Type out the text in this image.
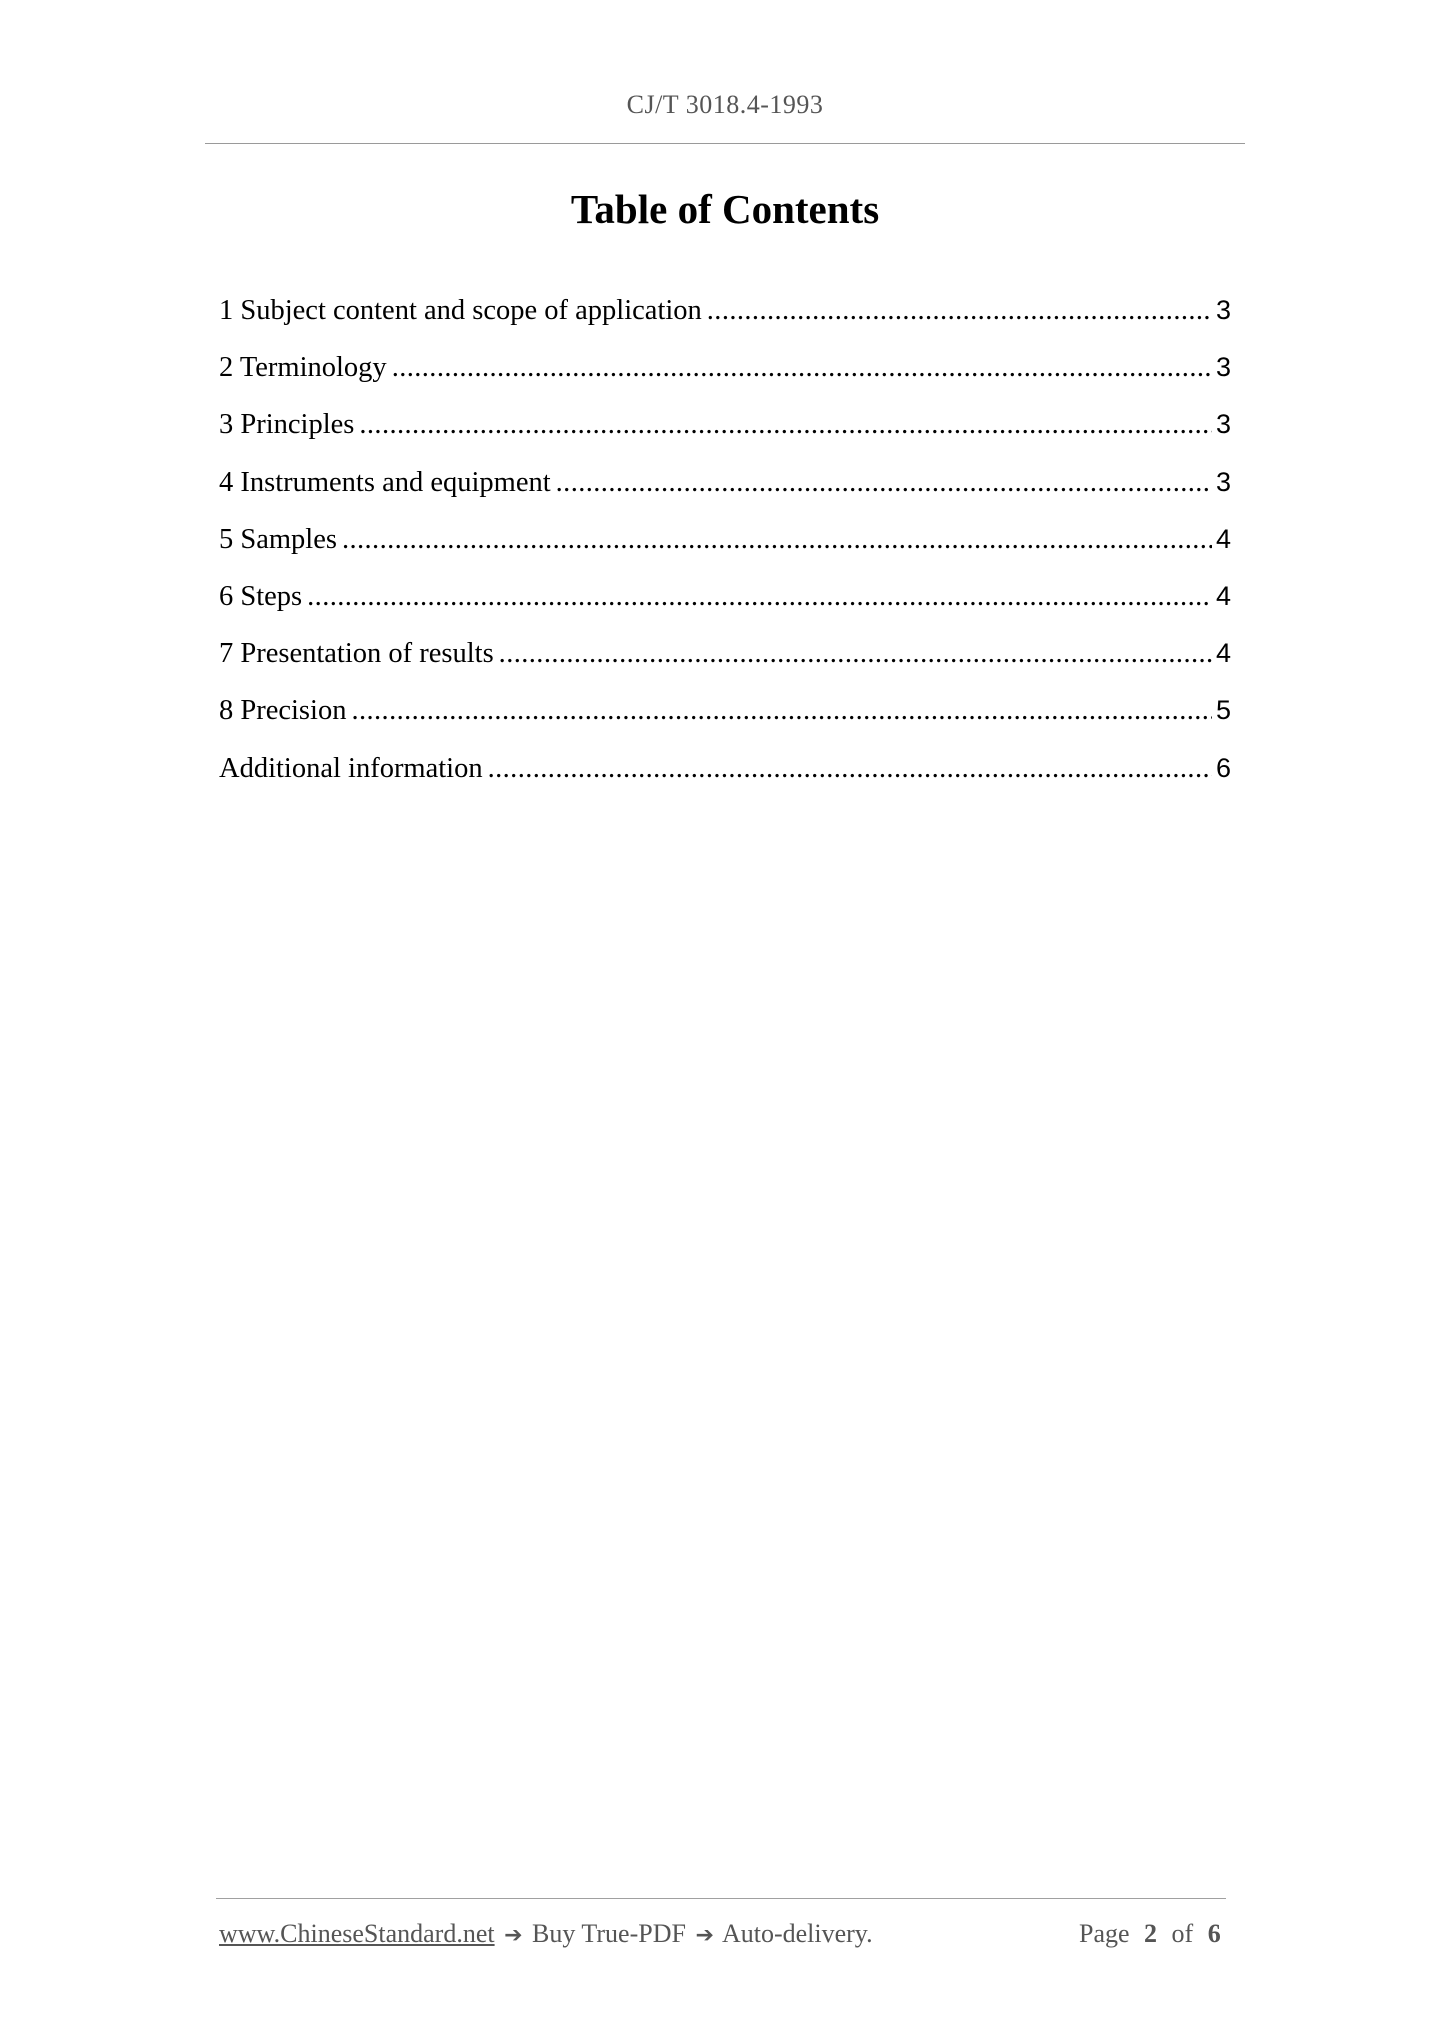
CJ/T 3018.4-1993
Table of Contents
1 Subject content and scope of application .....	3
2 Terminology .....	3
3 Principles .....	3
4 Instruments and equipment .....	3
5 Samples .....	4
6 Steps .....	4
7 Presentation of results .....	4
8 Precision .....	5
Additional information .....	6
www.ChineseStandard.net ➔ Buy True-PDF ➔ Auto-delivery.	Page 2 of 6
